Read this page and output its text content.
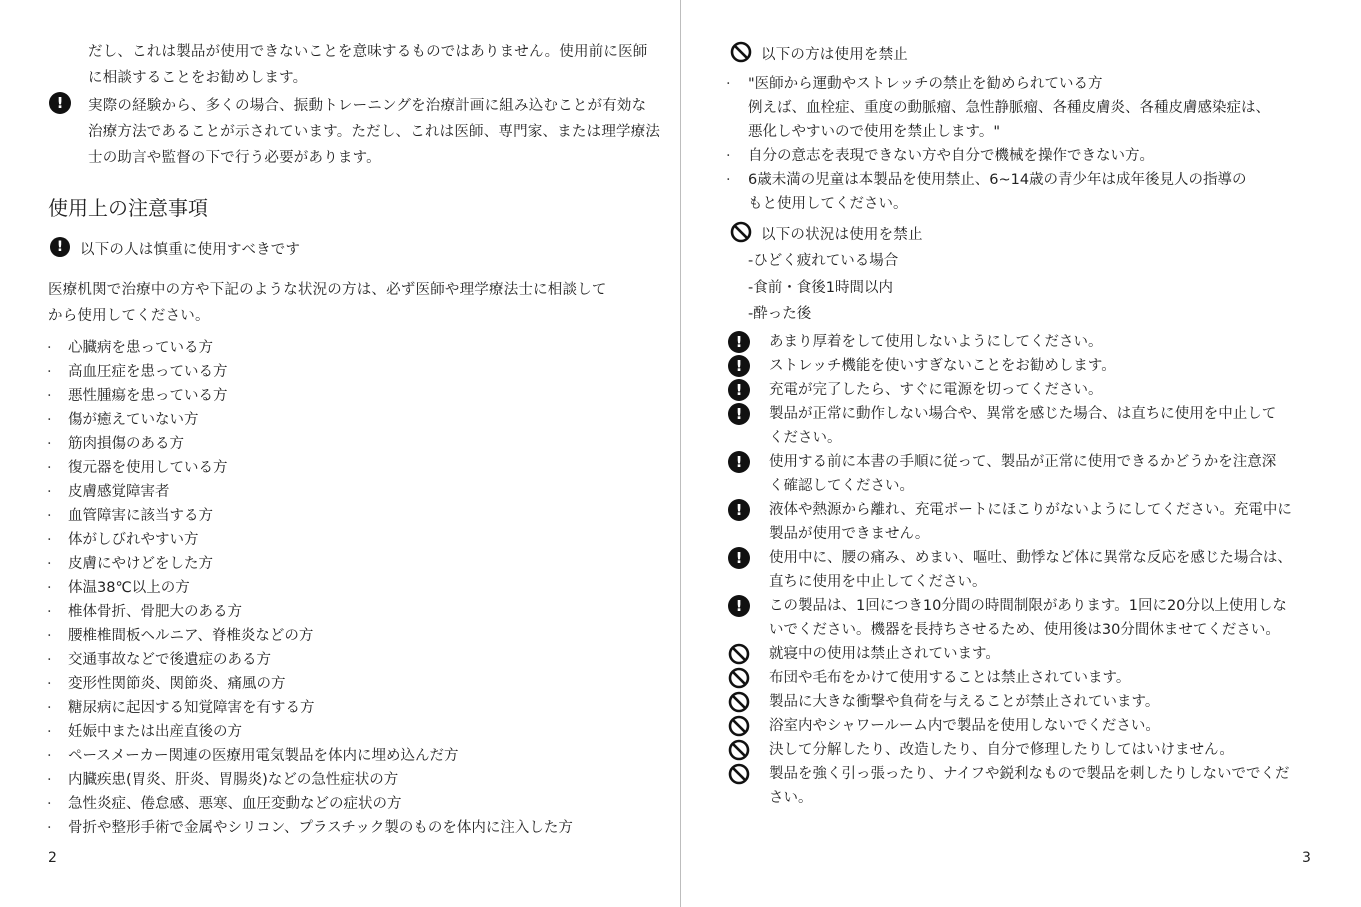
だし、これは製品が使用できないことを意味するものではありません。使用前に医師
に相談することをお勧めします。
!	実際の経験から、多くの場合、振動トレーニングを治療計画に組み込むことが有効な
治療方法であることが示されています。ただし、これは医師、専門家、または理学療法
士の助言や監督の下で行う必要があります。
使用上の注意事項
!	以下の人は慎重に使用すべきです
医療机関で治療中の方や下記のような状況の方は、必ず医師や理学療法士に相談して
から使用してください。
· 心臓病を患っている方
· 高血圧症を患っている方
· 悪性腫瘍を患っている方
· 傷が癒えていない方
· 筋肉損傷のある方
· 復元器を使用している方
· 皮膚感覚障害者
· 血管障害に該当する方
· 体がしびれやすい方
· 皮膚にやけどをした方
· 体温38℃以上の方
· 椎体骨折、骨肥大のある方
· 腰椎椎間板ヘルニア、脊椎炎などの方
· 交通事故などで後遺症のある方
· 変形性関節炎、関節炎、痛風の方
· 糖尿病に起因する知覚障害を有する方
· 妊娠中または出産直後の方
· ペースメーカー関連の医療用電気製品を体内に埋め込んだ方
· 内臓疾患(胃炎、肝炎、胃腸炎)などの急性症状の方
· 急性炎症、倦怠感、悪寒、血圧変動などの症状の方
· 骨折や整形手術で金属やシリコン、プラスチック製のものを体内に注入した方
2
以下の方は使用を禁止
· "医師から運動やストレッチの禁止を勧められている方
例えば、血栓症、重度の動脈瘤、急性静脈瘤、各種皮膚炎、各種皮膚感染症は、
悪化しやすいので使用を禁止します。"
· 自分の意志を表現できない方や自分で機械を操作できない方。
· 6歳未満の児童は本製品を使用禁止、6~14歳の青少年は成年後見人の指導の
もと使用してください。
以下の状況は使用を禁止
-ひどく疲れている場合
-食前・食後1時間以内
-酔った後
!	あまり厚着をして使用しないようにしてください。
!	ストレッチ機能を使いすぎないことをお勧めします。
!	充電が完了したら、すぐに電源を切ってください。
!	製品が正常に動作しない場合や、異常を感じた場合、は直ちに使用を中止して
ください。
!	使用する前に本書の手順に従って、製品が正常に使用できるかどうかを注意深
く確認してください。
!	液体や熱源から離れ、充電ポートにほこりがないようにしてください。充電中に
製品が使用できません。
!	使用中に、腰の痛み、めまい、嘔吐、動悸など体に異常な反応を感じた場合は、
直ちに使用を中止してください。
!	この製品は、1回につき10分間の時間制限があります。1回に20分以上使用しな
いでください。機器を長持ちさせるため、使用後は30分間休ませてください。
就寝中の使用は禁止されています。
布団や毛布をかけて使用することは禁止されています。
製品に大きな衝撃や負荷を与えることが禁止されています。
浴室内やシャワールーム内で製品を使用しないでください。
決して分解したり、改造したり、自分で修理したりしてはいけません。
製品を強く引っ張ったり、ナイフや鋭利なもので製品を刺したりしないででくだ
さい。
3
